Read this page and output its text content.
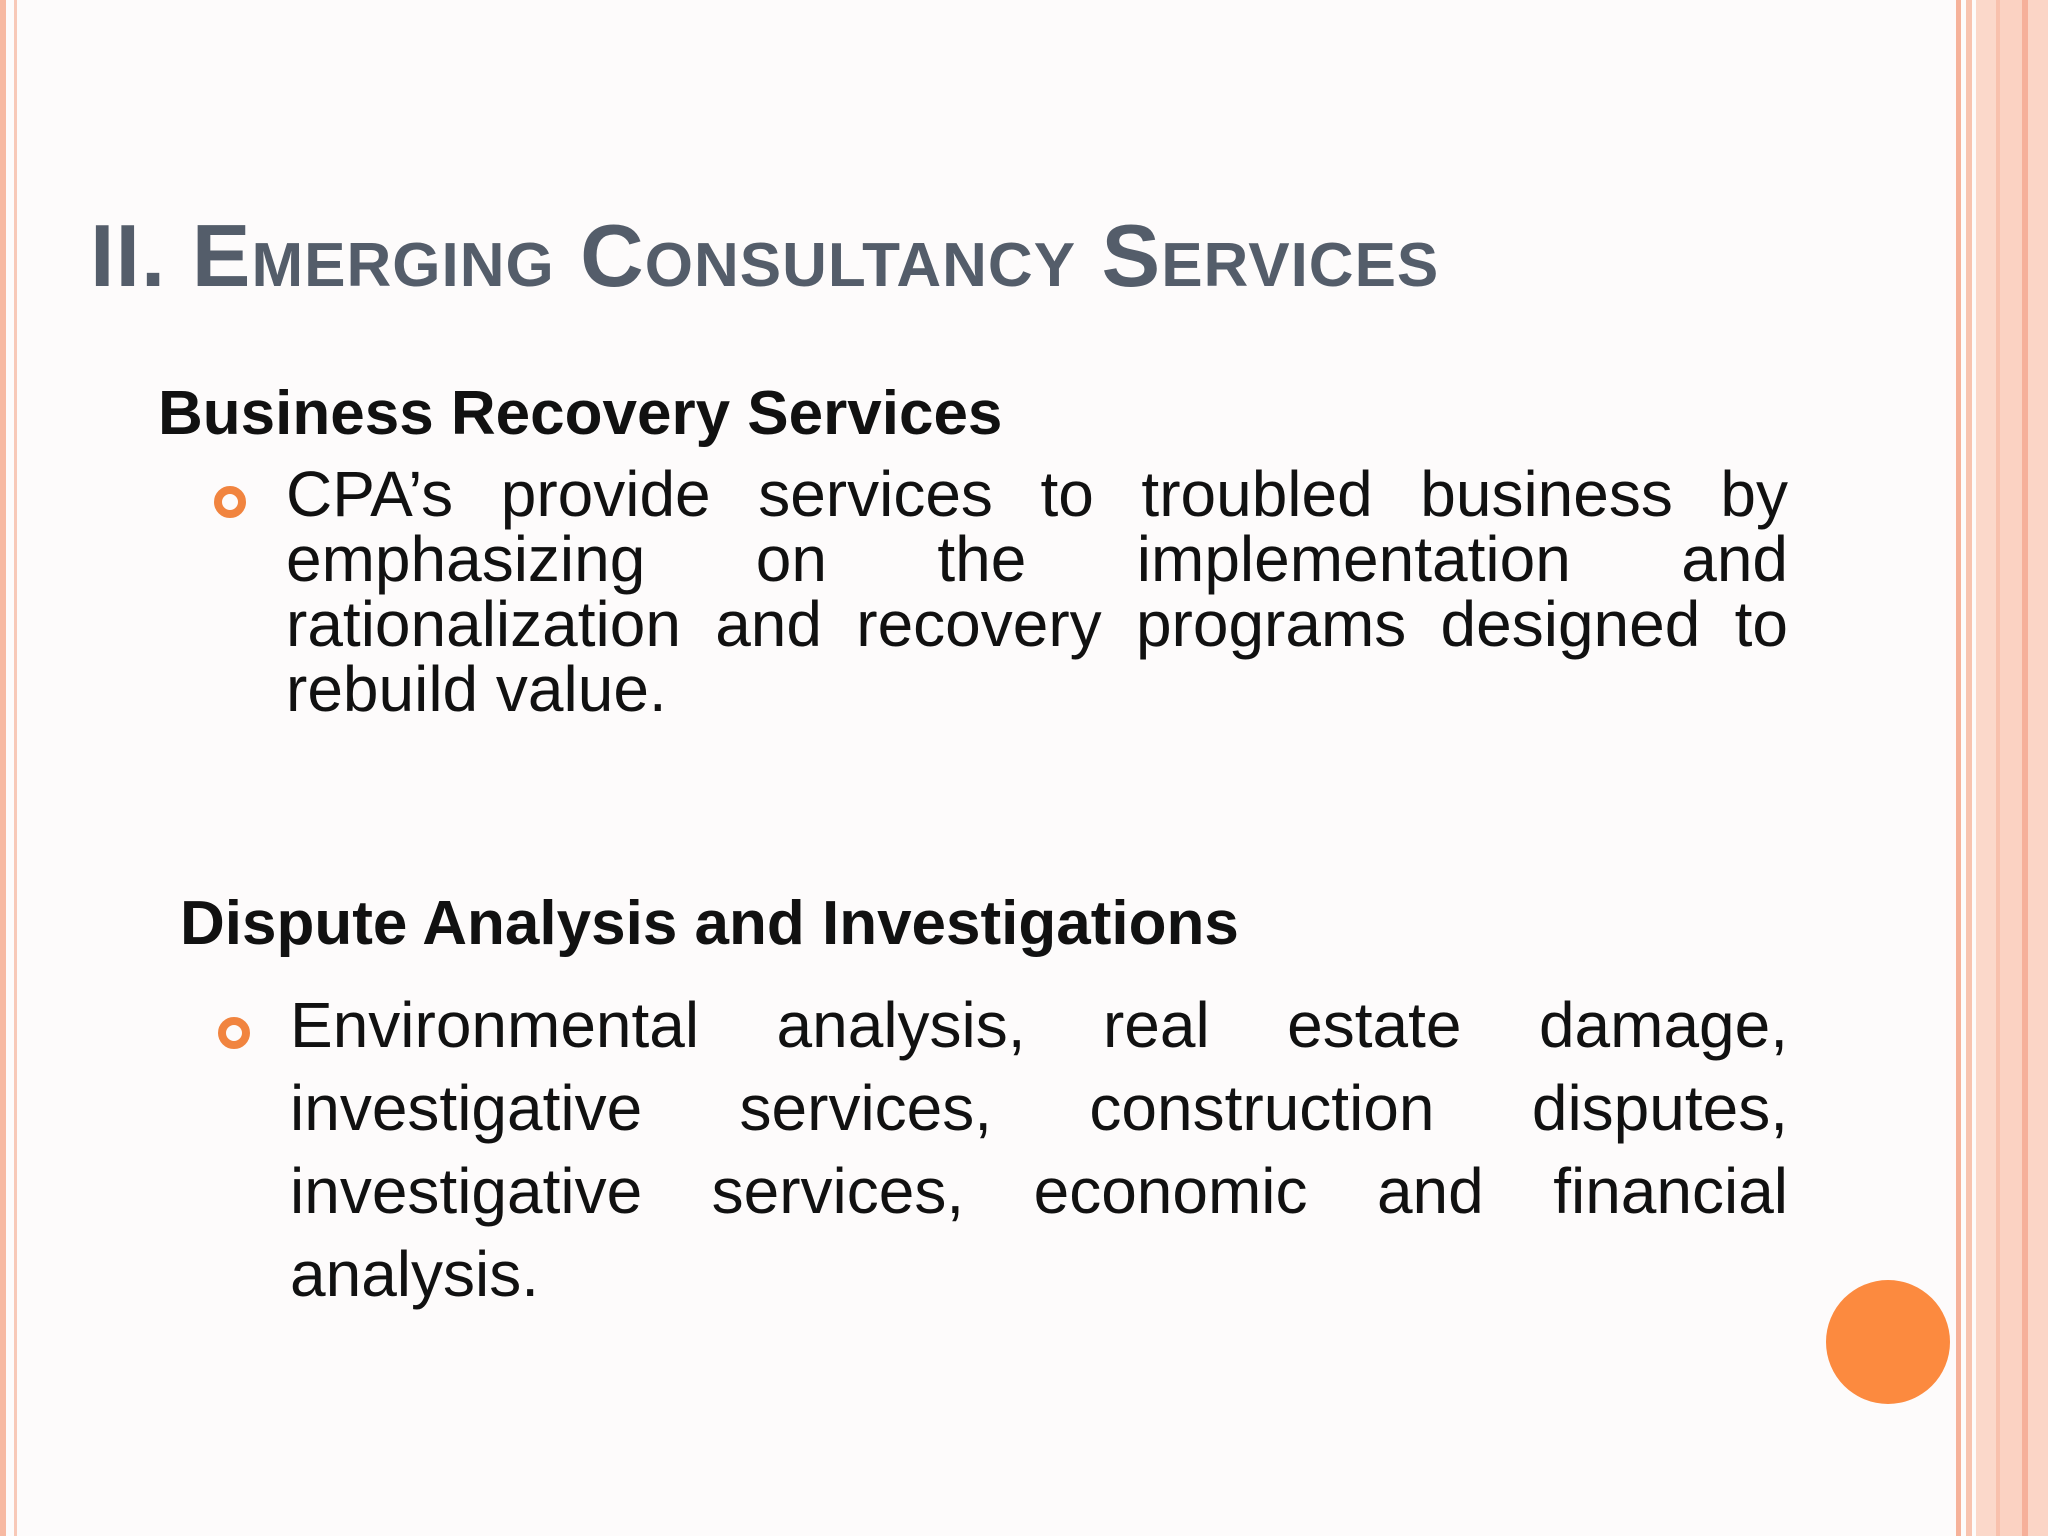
II. Emerging Consultancy Services
Business Recovery Services

CPA’s provide services to troubled business by emphasizing on the implementation and rationalization and recovery programs designed to rebuild value.

Dispute Analysis and Investigations

Environmental analysis, real estate damage, investigative services, construction disputes, investigative services, economic and financial analysis.
